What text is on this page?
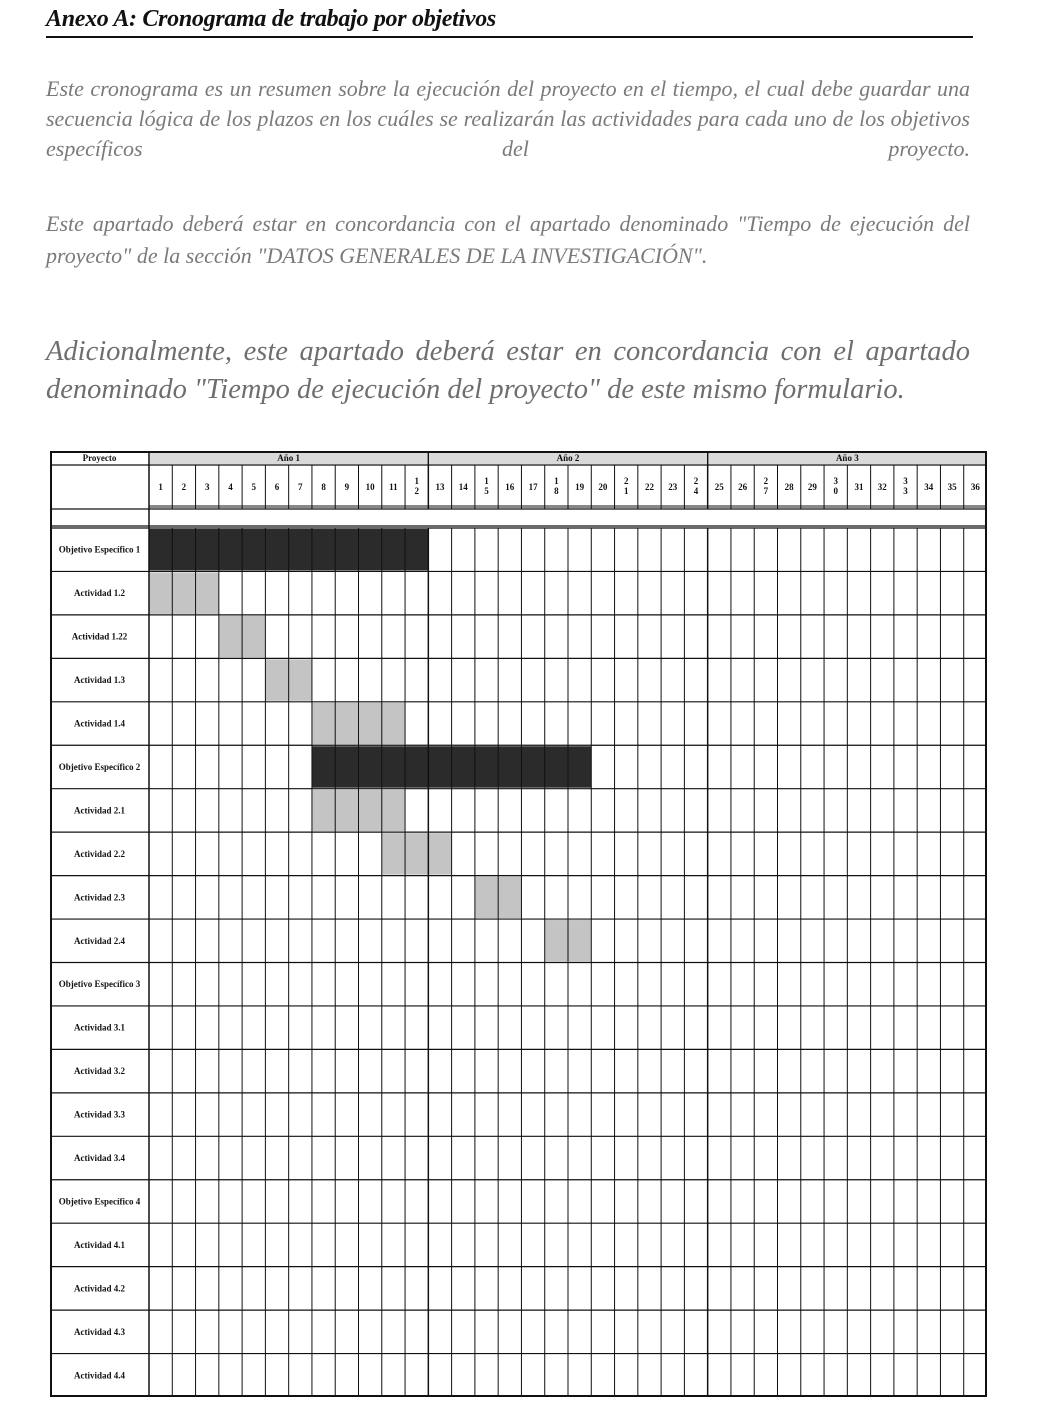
Anexo A: Cronograma de trabajo por objetivos
Este cronograma es un resumen sobre la ejecución del proyecto en el tiempo, el cual debe guardar una
secuencia lógica de los plazos en los cuáles se realizarán las actividades para cada uno de los objetivos
específicos del proyecto.
Este apartado deberá estar en concordancia con el apartado denominado "Tiempo de ejecución del
proyecto" de la sección "DATOS GENERALES DE LA INVESTIGACIÓN".
Adicionalmente, este apartado deberá estar en concordancia con el apartado
denominado "Tiempo de ejecución del proyecto" de este mismo formulario.
Año 1	Año 2	Año 3
Proyecto
1 2 3 4 5 6 7 8 9 10 11
1 2 13 14
1 5 16 17
1 8 19 20
2 1 22 23
2 4 25 26
2 7 28 29
3 0 31 32
3 3 34 35 36
Objetivo Específico 1
Actividad 1.2
Actividad 1.22
Actividad 1.3
Actividad 1.4
Objetivo Específico 2
Actividad 2.1
Actividad 2.2
Actividad 2.3
Actividad 2.4
Objetivo Específico 3
Actividad 3.1
Actividad 3.2
Actividad 3.3
Actividad 3.4
Objetivo Específico 4
Actividad 4.1
Actividad 4.2
Actividad 4.3
Actividad 4.4
